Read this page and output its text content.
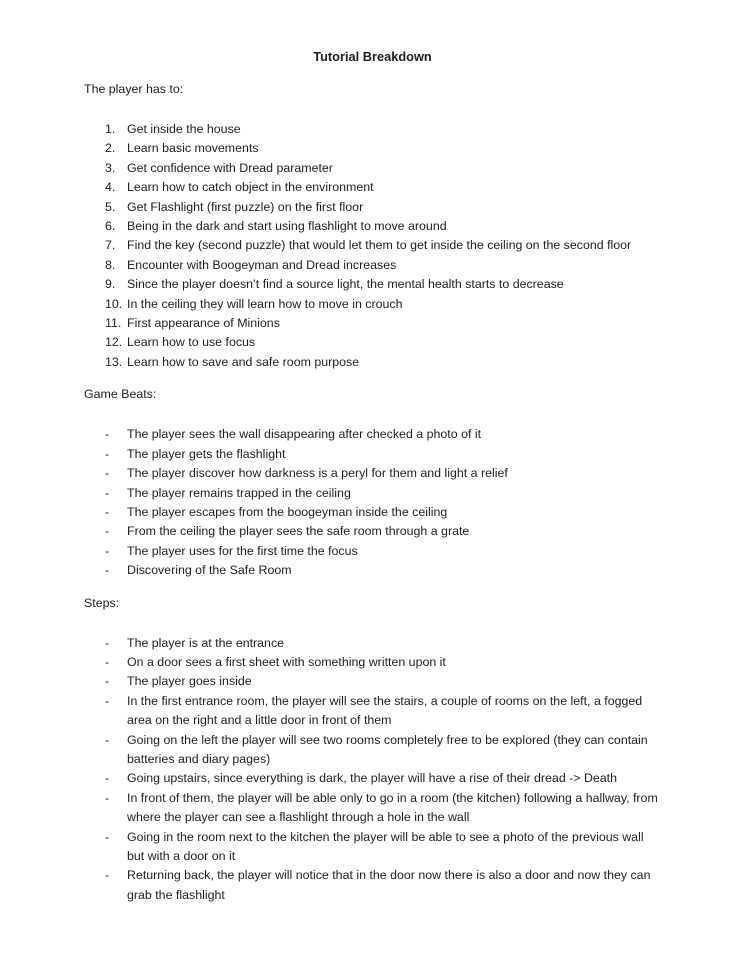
Tutorial Breakdown

The player has to:

1. Get inside the house
2. Learn basic movements
3. Get confidence with Dread parameter
4. Learn how to catch object in the environment
5. Get Flashlight (first puzzle) on the first floor
6. Being in the dark and start using flashlight to move around
7. Find the key (second puzzle) that would let them to get inside the ceiling on the second floor
8. Encounter with Boogeyman and Dread increases
9. Since the player doesn’t find a source light, the mental health starts to decrease
10. In the ceiling they will learn how to move in crouch
11. First appearance of Minions
12. Learn how to use focus
13. Learn how to save and safe room purpose

Game Beats:

-	The player sees the wall disappearing after checked a photo of it
-	The player gets the flashlight
-	The player discover how darkness is a peryl for them and light a relief
-	The player remains trapped in the ceiling
-	The player escapes from the boogeyman inside the ceiling
-	From the ceiling the player sees the safe room through a grate
-	The player uses for the first time the focus
-	Discovering of the Safe Room

Steps:

-	The player is at the entrance
-	On a door sees a first sheet with something written upon it
-	The player goes inside
-	In the first entrance room, the player will see the stairs, a couple of rooms on the left, a fogged area on the right and a little door in front of them
-	Going on the left the player will see two rooms completely free to be explored (they can contain batteries and diary pages)
-	Going upstairs, since everything is dark, the player will have a rise of their dread -> Death
-	In front of them, the player will be able only to go in a room (the kitchen) following a hallway, from where the player can see a flashlight through a hole in the wall
-	Going in the room next to the kitchen the player will be able to see a photo of the previous wall but with a door on it
-	Returning back, the player will notice that in the door now there is also a door and now they can grab the flashlight
